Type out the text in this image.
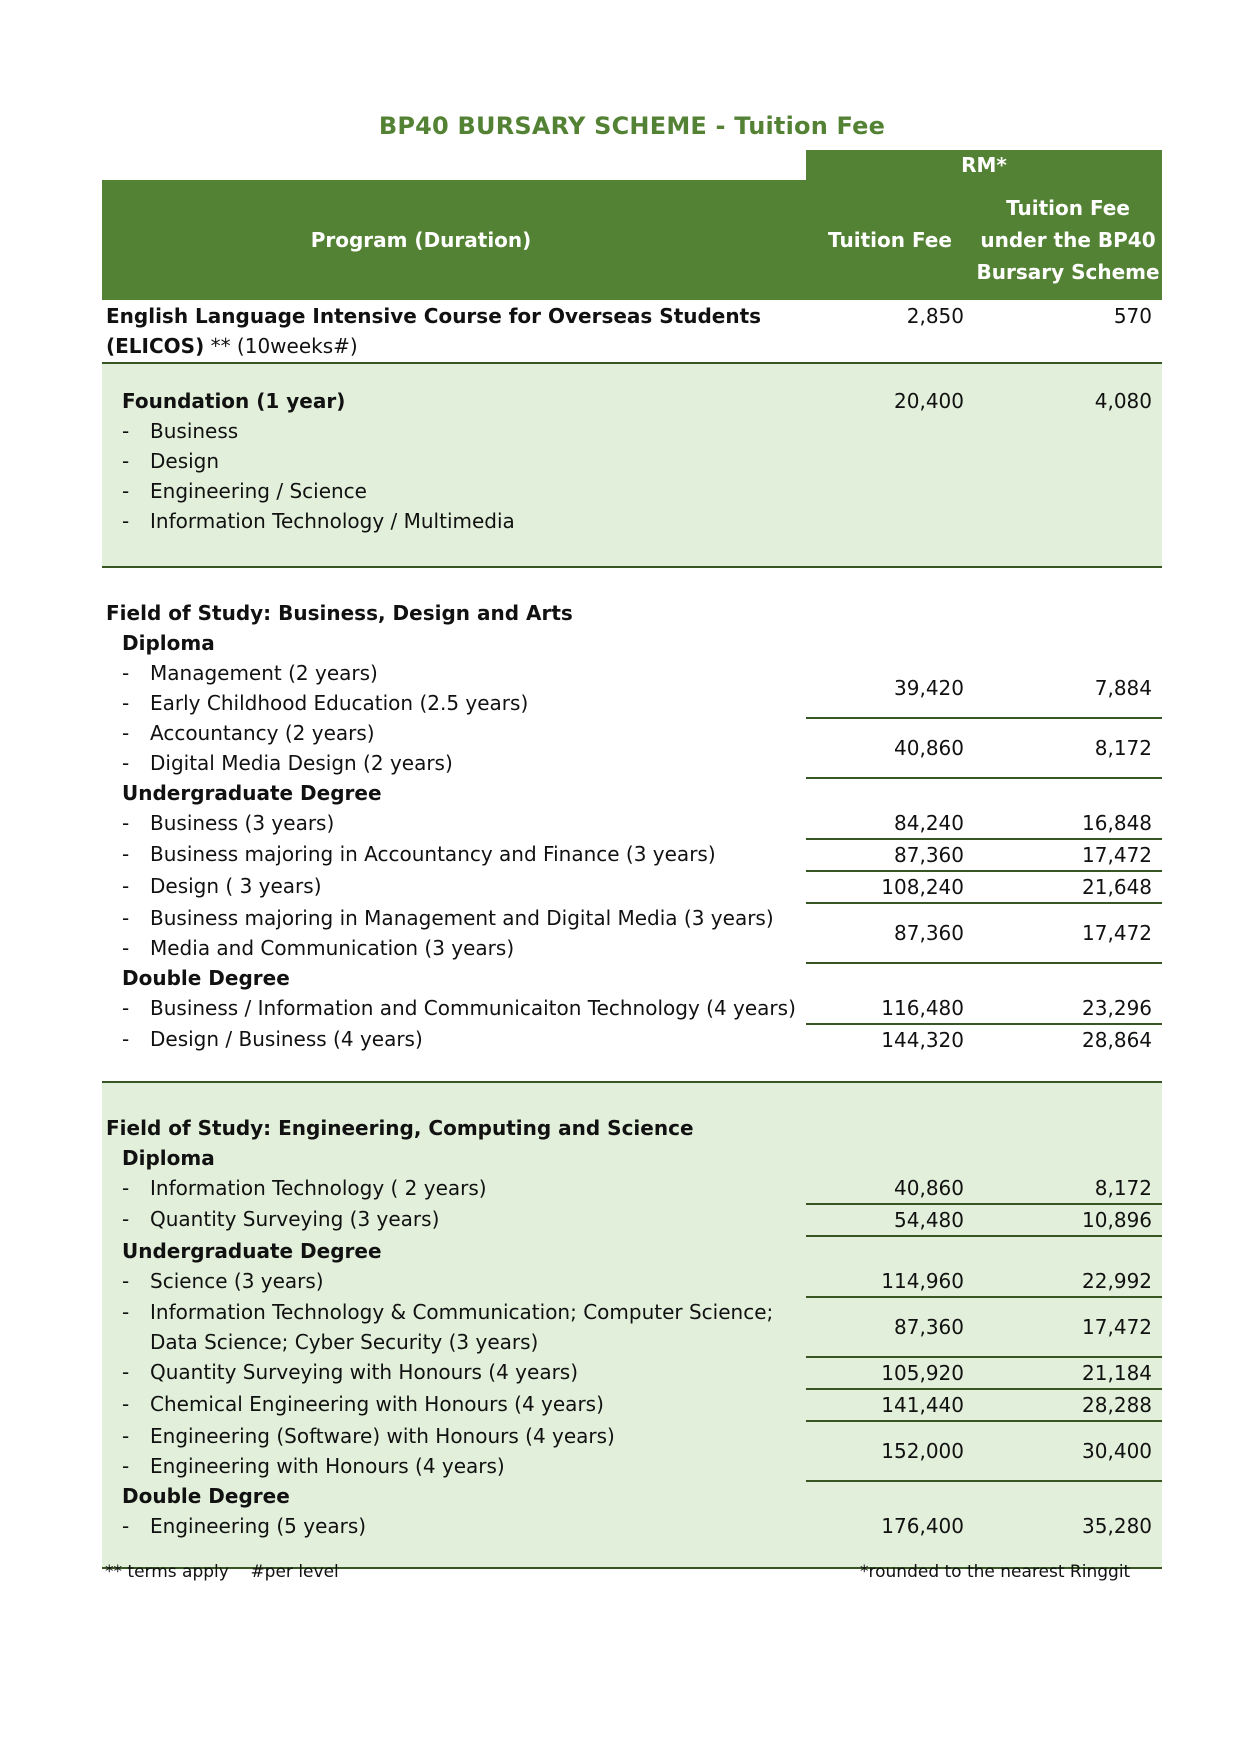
BP40 BURSARY SCHEME - Tuition Fee
	RM*	
Program (Duration)	Tuition Fee	Tuition Fee
under the BP40
Bursary Scheme

English Language Intensive Course for Overseas Students
(ELICOS) ** (10weeks#)	2,850	570

Foundation (1 year)
- Business
- Design
- Engineering / Science
- Information Technology / Multimedia	20,400	4,080

Field of Study: Business, Design and Arts		
Diploma		

- Management (2 years)
- Early Childhood Education (2.5 years)	39,420	7,884

- Accountancy (2 years)
- Digital Media Design (2 years)	40,860	8,172
Undergraduate Degree		

- Business (3 years)	84,240	16,848

- Business majoring in Accountancy and Finance (3 years)	87,360	17,472

- Design ( 3 years)	108,240	21,648

- Business majoring in Management and Digital Media (3 years)
- Media and Communication (3 years)	87,360	17,472
Double Degree		

- Business / Information and Communicaiton Technology (4 years)	116,480	23,296

- Design / Business (4 years)	144,320	28,864

Field of Study: Engineering, Computing and Science		
Diploma		

- Information Technology ( 2 years)	40,860	8,172

- Quantity Surveying (3 years)	54,480	10,896
Undergraduate Degree		

- Science (3 years)	114,960	22,992

- Information Technology & Communication; Computer Science;
Data Science; Cyber Security (3 years)	87,360	17,472

- Quantity Surveying with Honours (4 years)	105,920	21,184

- Chemical Engineering with Honours (4 years)	141,440	28,288

- Engineering (Software) with Honours (4 years)
- Engineering with Honours (4 years)	152,000	30,400
Double Degree		

- Engineering (5 years)	176,400	35,280

** terms apply    #per level	*rounded to the nearest Ringgit
